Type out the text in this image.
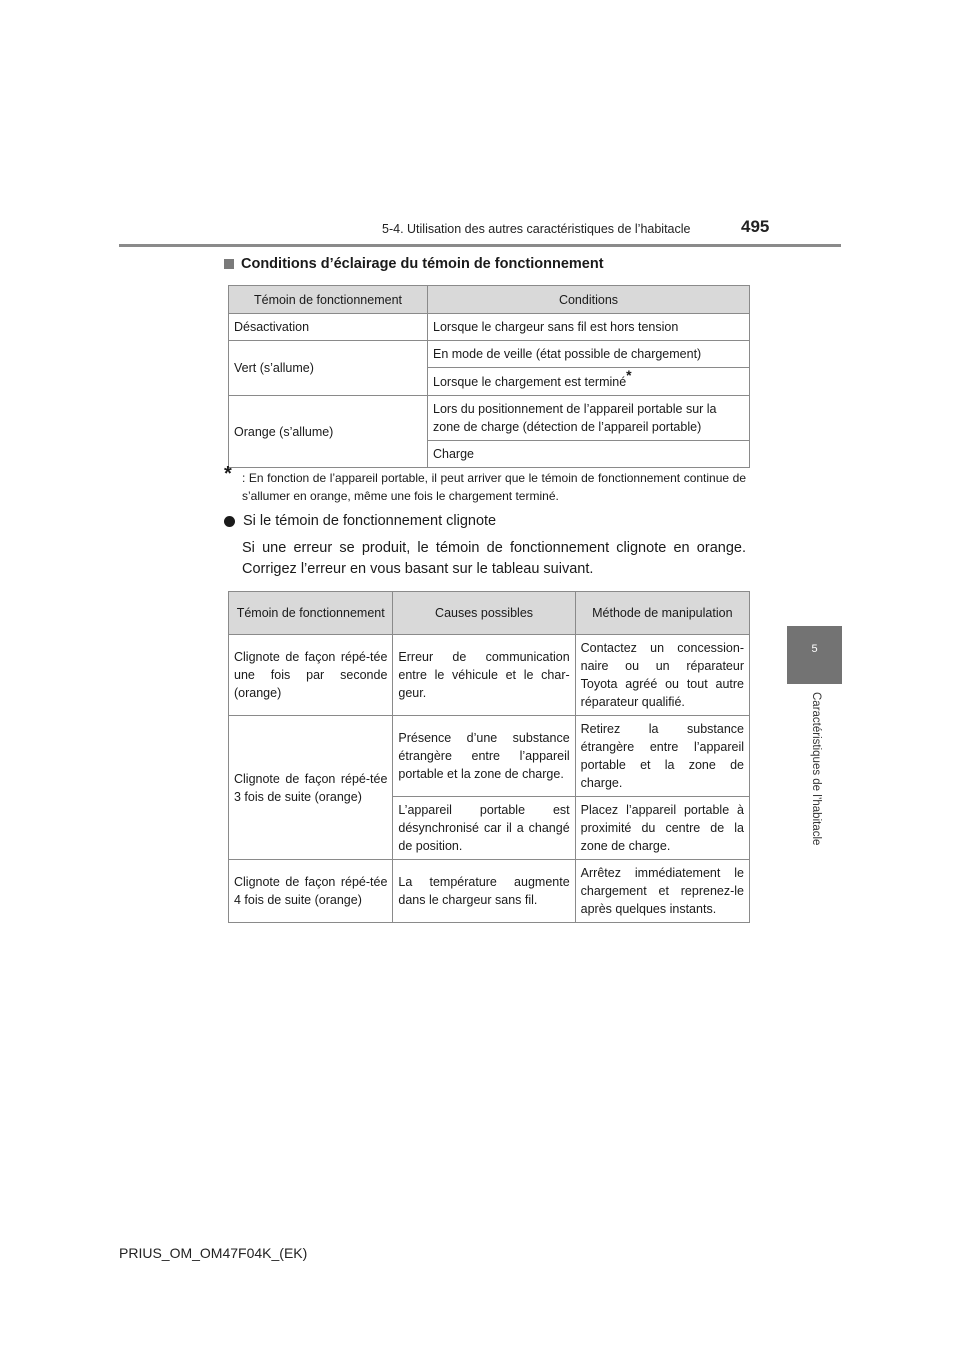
5-4. Utilisation des autres caractéristiques de l’habitacle	495
5
Caractéristiques de l’habitacle
Conditions d’éclairage du témoin de fonctionnement
Témoin de fonctionnement	Conditions
Désactivation	Lorsque le chargeur sans fil est hors tension
Vert (s’allume)	En mode de veille (état possible de chargement)
	Lorsque le chargement est terminé*
Orange (s’allume)	Lors du positionnement de l’appareil portable sur la zone de charge (détection de l’appareil portable)
	Charge
* : En fonction de l’appareil portable, il peut arriver que le témoin de fonctionnement continue de s’allumer en orange, même une fois le chargement terminé.
Si le témoin de fonctionnement clignote
Si une erreur se produit, le témoin de fonctionnement clignote en orange. Corrigez l’erreur en vous basant sur le tableau suivant.
Témoin de fonctionnement	Causes possibles	Méthode de manipulation
Clignote de façon répé-tée une fois par seconde (orange)	Erreur de communication entre le véhicule et le char-geur.	Contactez un concession-naire ou un réparateur Toyota agréé ou tout autre réparateur qualifié.
Clignote de façon répé-tée 3 fois de suite (orange)	Présence d’une substance étrangère entre l’appareil portable et la zone de charge.	Retirez la substance étrangère entre l’appareil portable et la zone de charge.
	L’appareil portable est désynchronisé car il a changé de position.	Placez l’appareil portable à proximité du centre de la zone de charge.
Clignote de façon répé-tée 4 fois de suite (orange)	La température augmente dans le chargeur sans fil.	Arrêtez immédiatement le chargement et reprenez-le après quelques instants.
PRIUS_OM_OM47F04K_(EK)
